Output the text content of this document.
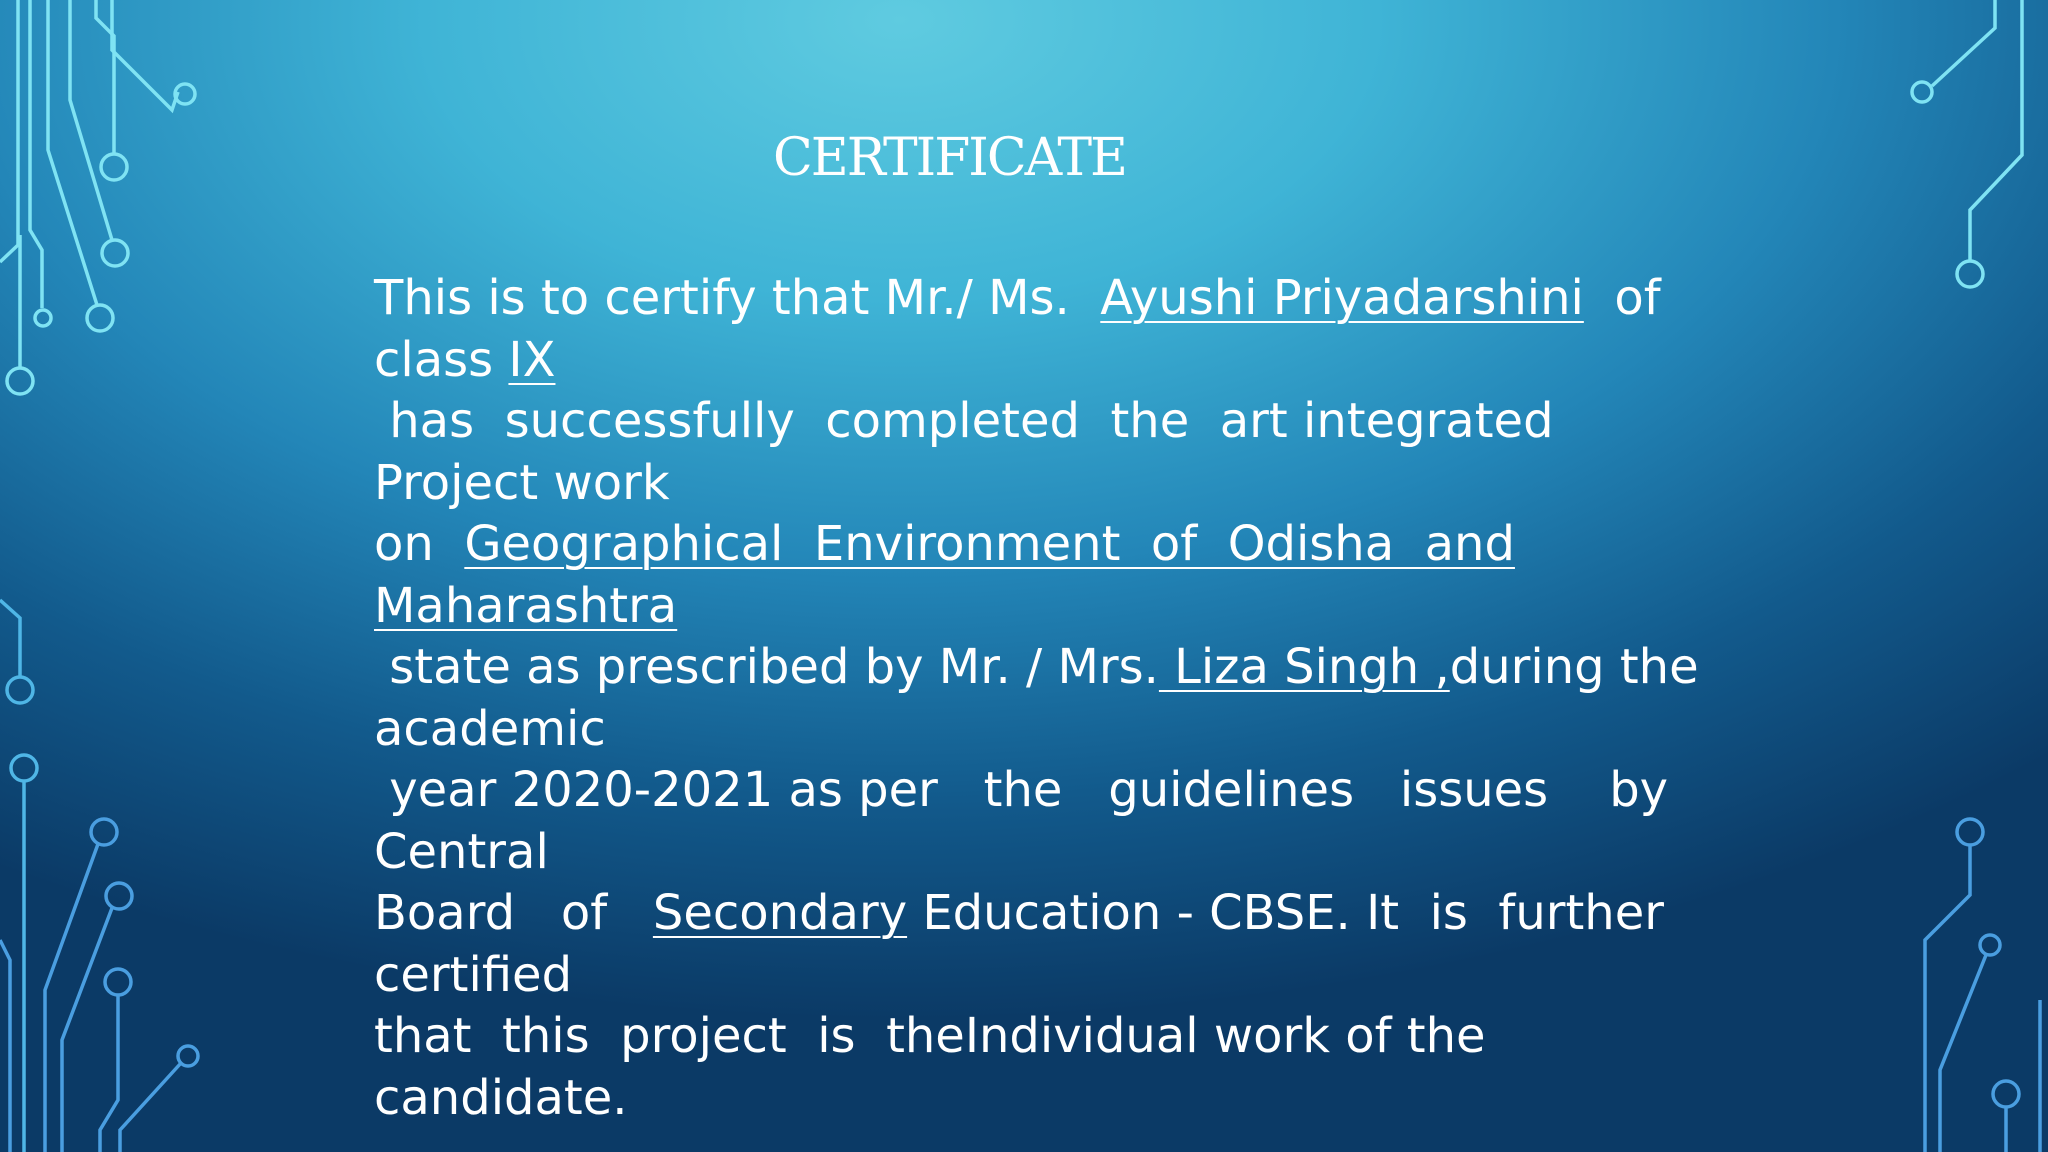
CERTIFICATE
This is to certify that Mr./ Ms.  Ayushi Priyadarshini  of
class IX
has  successfully  completed  the  art integrated
Project work
on  Geographical  Environment  of  Odisha  and
Maharashtra
state as prescribed by Mr. / Mrs. Liza Singh ,during the
academic
year 2020-2021 as per   the   guidelines   issues    by
Central
Board   of   Secondary Education - CBSE. It  is  further
certified
that  this  project  is  theIndividual work of the
candidate.
